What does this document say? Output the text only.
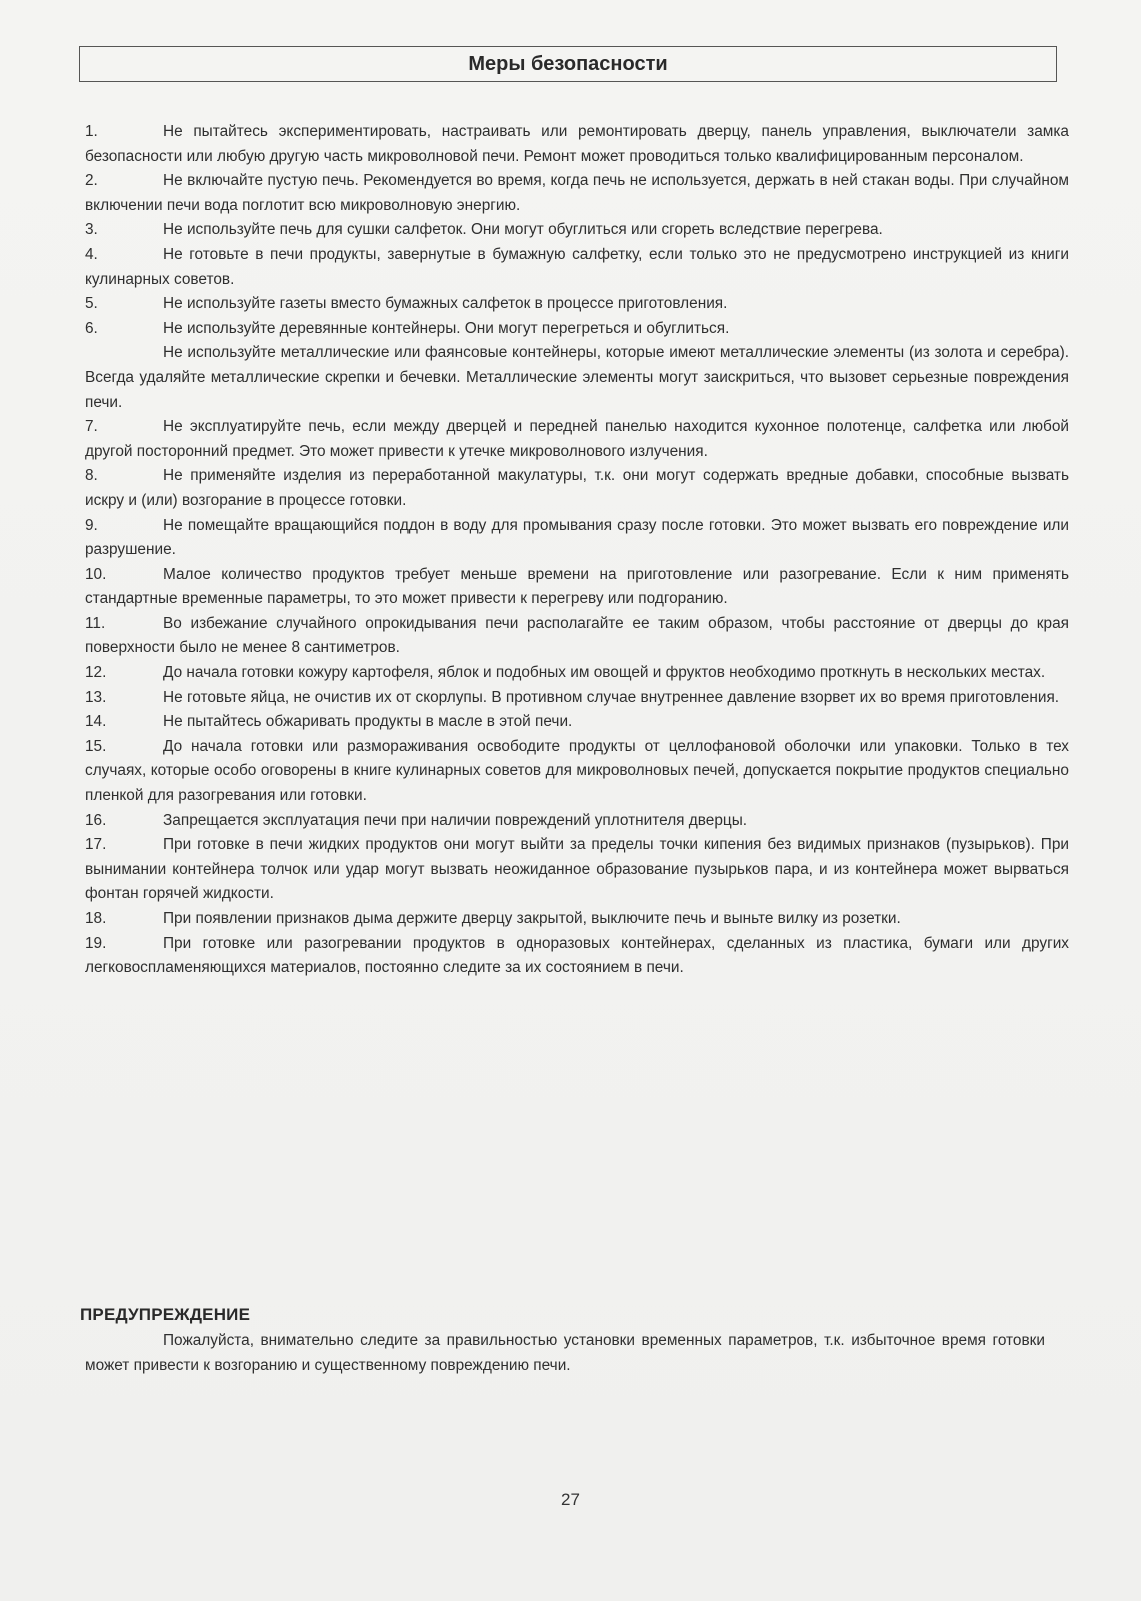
Меры безопасности

1.	Не пытайтесь экспериментировать, настраивать или ремонтировать дверцу, панель управления, выключатели замка безопасности или любую другую часть микроволновой печи. Ремонт может проводиться только квалифицированным персоналом.

2.	Не включайте пустую печь. Рекомендуется во время, когда печь не используется, держать в ней стакан воды. При случайном включении печи вода поглотит всю микроволновую энергию.

3.	Не используйте печь для сушки салфеток. Они могут обуглиться или сгореть вследствие перегрева.

4.	Не готовьте в печи продукты, завернутые в бумажную салфетку, если только это не предусмотрено инструкцией из книги кулинарных советов.

5.	Не используйте газеты вместо бумажных салфеток в процессе приготовления.

6.	Не используйте деревянные контейнеры. Они могут перегреться и обуглиться.

Не используйте металлические или фаянсовые контейнеры, которые имеют металлические элементы (из золота и серебра). Всегда удаляйте металлические скрепки и бечевки. Металлические элементы могут заискриться, что вызовет серьезные повреждения печи.

7.	Не эксплуатируйте печь, если между дверцей и передней панелью находится кухонное полотенце, салфетка или любой другой посторонний предмет. Это может привести к утечке микроволнового излучения.

8.	Не применяйте изделия из переработанной макулатуры, т.к. они могут содержать вредные добавки, способные вызвать искру и (или) возгорание в процессе готовки.

9.	Не помещайте вращающийся поддон в воду для промывания сразу после готовки. Это может вызвать его повреждение или разрушение.

10.	Малое количество продуктов требует меньше времени на приготовление или разогревание. Если к ним применять стандартные временные параметры, то это может привести к перегреву или подгоранию.

11.	Во избежание случайного опрокидывания печи располагайте ее таким образом, чтобы расстояние от дверцы до края поверхности было не менее 8 сантиметров.

12.	До начала готовки кожуру картофеля, яблок и подобных им овощей и фруктов необходимо проткнуть в нескольких местах.

13.	Не готовьте яйца, не очистив их от скорлупы. В противном случае внутреннее давление взорвет их во время приготовления.

14.	Не пытайтесь обжаривать продукты в масле в этой печи.

15.	До начала готовки или размораживания освободите продукты от целлофановой оболочки или упаковки. Только в тех случаях, которые особо оговорены в книге кулинарных советов для микроволновых печей, допускается покрытие продуктов специально пленкой для разогревания или готовки.

16.	Запрещается эксплуатация печи при наличии повреждений уплотнителя дверцы.

17.	При готовке в печи жидких продуктов они могут выйти за пределы точки кипения без видимых признаков (пузырьков). При вынимании контейнера толчок или удар могут вызвать неожиданное образование пузырьков пара, и из контейнера может вырваться фонтан горячей жидкости.

18.	При появлении признаков дыма держите дверцу закрытой, выключите печь и выньте вилку из розетки.

19.	При готовке или разогревании продуктов в одноразовых контейнерах, сделанных из пластика, бумаги или других легковоспламеняющихся материалов, постоянно следите за их состоянием в печи.

ПРЕДУПРЕЖДЕНИЕ

Пожалуйста, внимательно следите за правильностью установки временных параметров, т.к. избыточное время готовки может привести к возгоранию и существенному повреждению печи.

27
